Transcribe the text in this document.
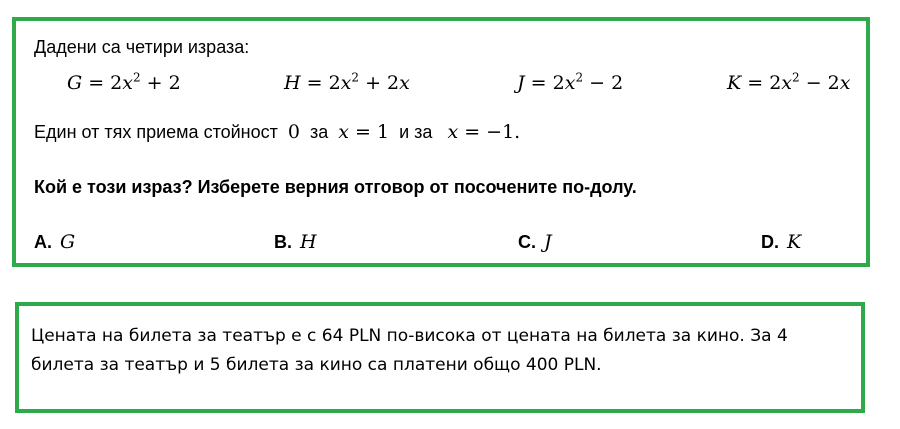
Дадени са четири израза:
$G = 2x^2 + 2$	$H = 2x^2 + 2x$	$J = 2x^2 - 2$	$K = 2x^2 - 2x$
Един от тях приема стойност 0 за x = 1 и за x = −1.
Кой е този израз? Изберете верния отговор от посочените по-долу.
A. G	B. H	C. J	D. K
Цената на билета за театър е с 64 PLN по-висока от цената на билета за кино. За 4 билета за театър и 5 билета за кино са платени общо 400 PLN.
